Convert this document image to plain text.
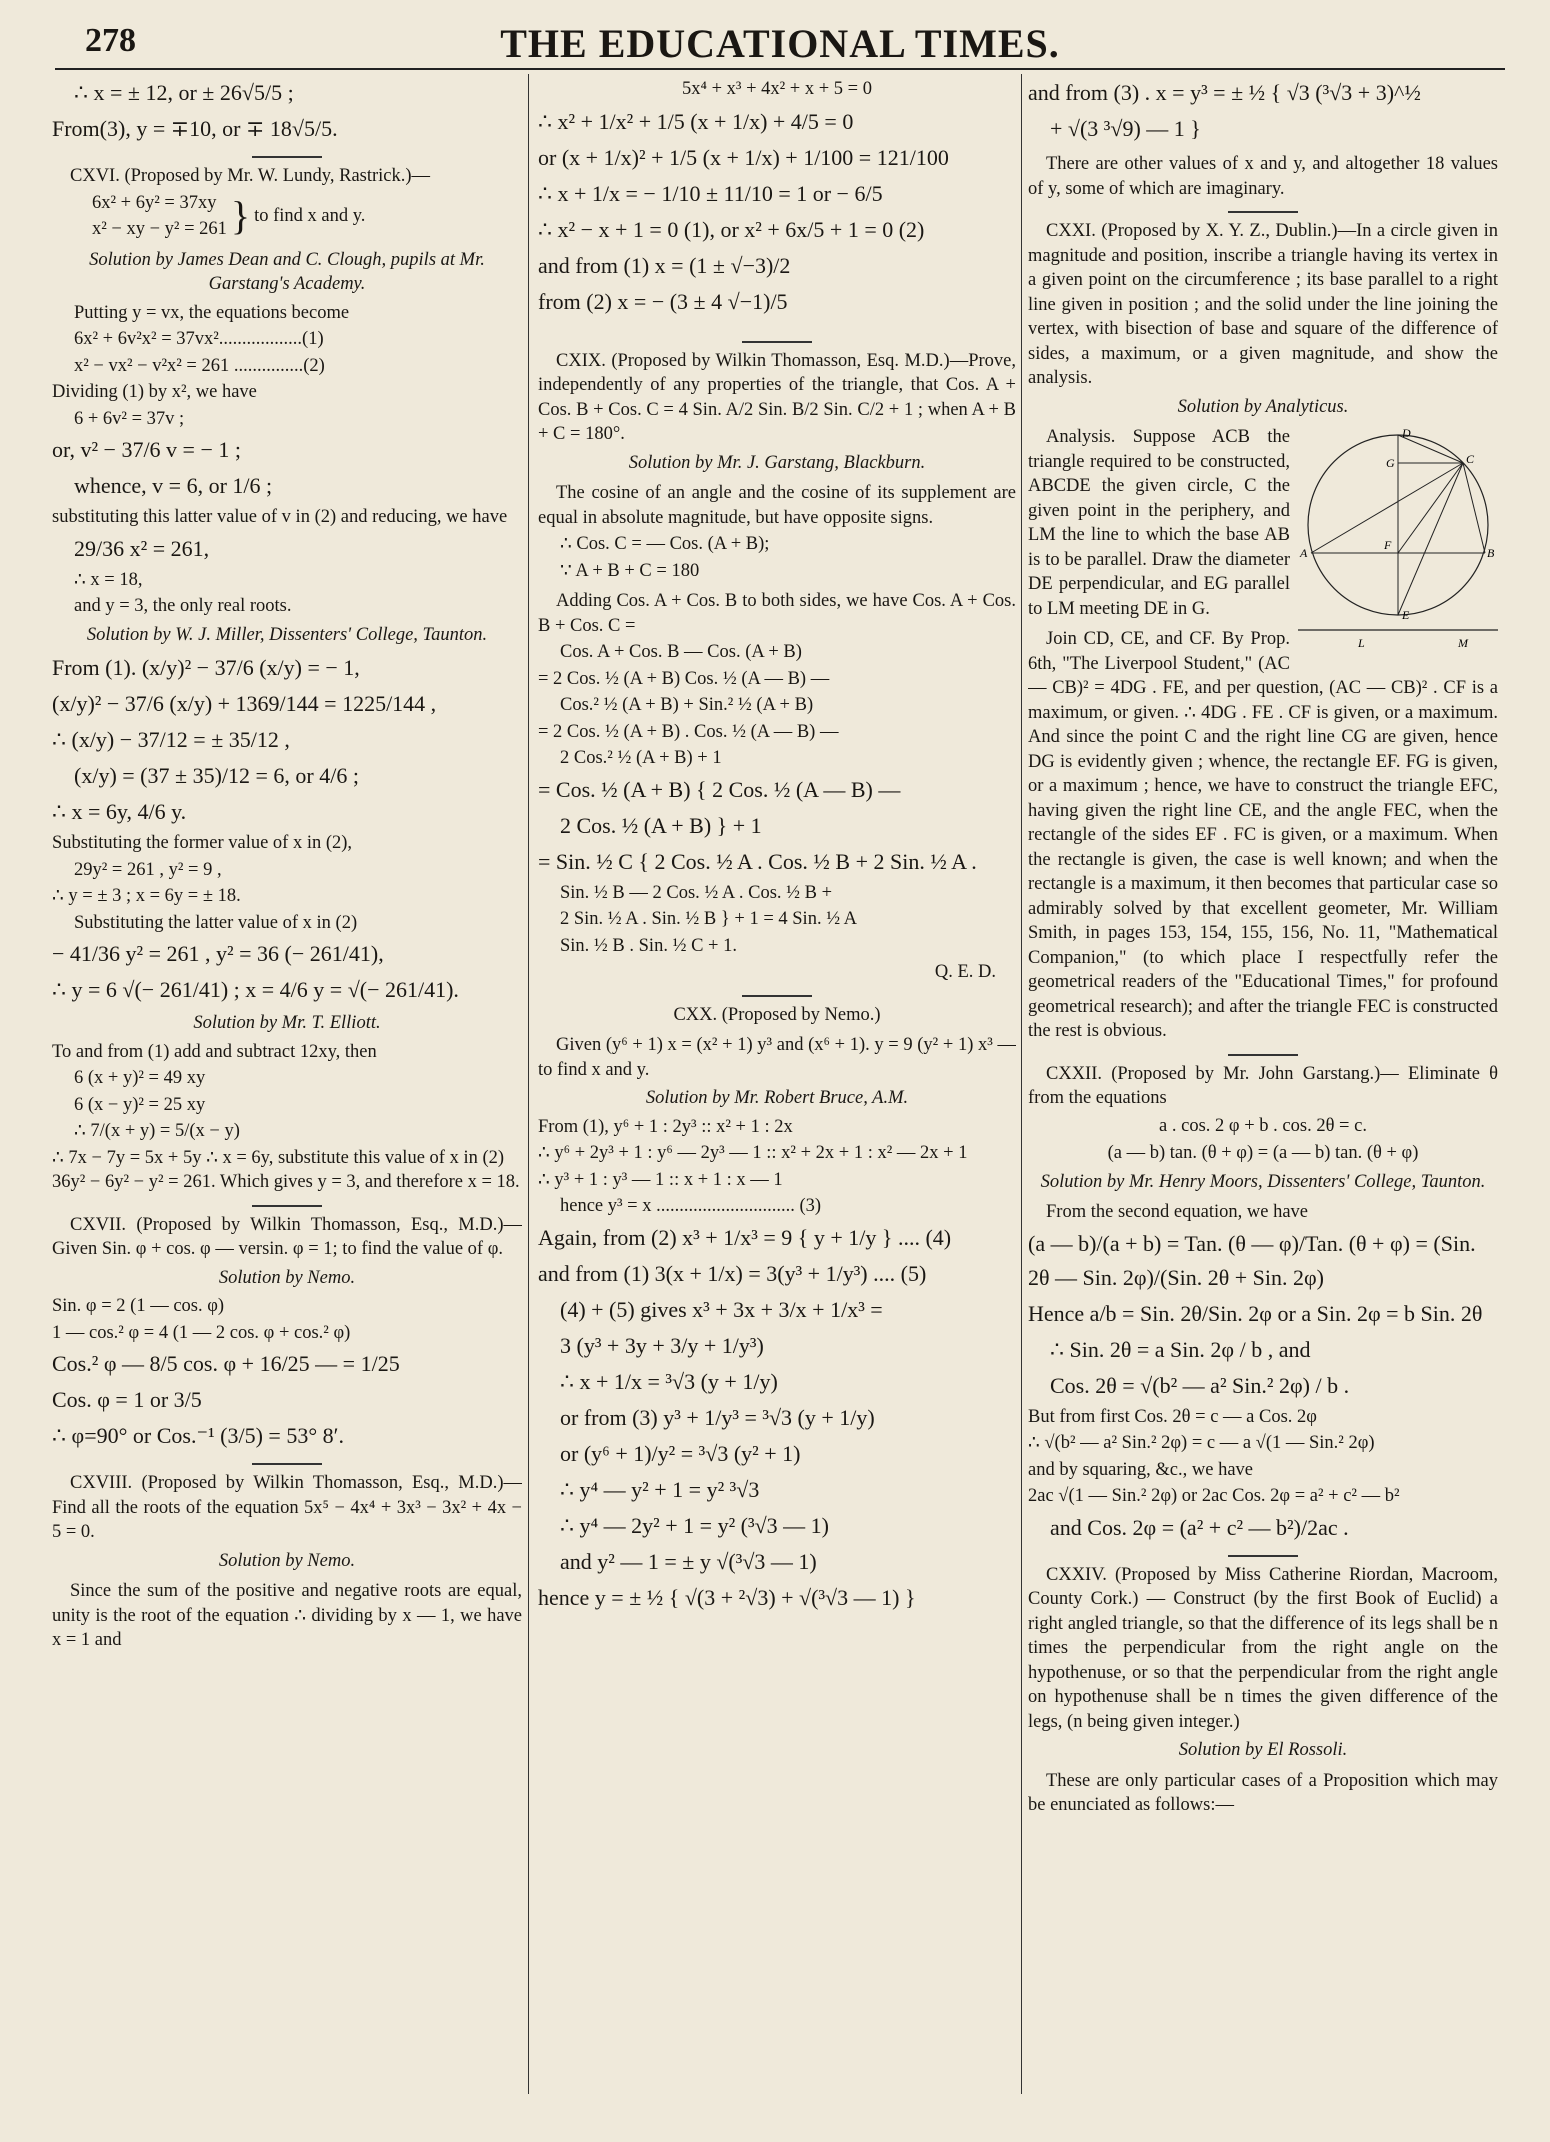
278	THE EDUCATIONAL TIMES.

∴ x = ± 12, or ± 26√5/5 ;

From(3), y = ∓10, or ∓ 18√5/5.

CXVI. (Proposed by Mr. W. Lundy, Rastrick.)—

6x² + 6y² = 37xy

x² − xy − y² = 261 } to find x and y.

Solution by James Dean and C. Clough, pupils at Mr. Garstang's Academy.

Putting y = vx, the equations become

6x² + 6v²x² = 37vx²..................(1)

x² − vx² − v²x² = 261 ...............(2)

Dividing (1) by x², we have

6 + 6v² = 37v ;

or, v² − 37/6 v = − 1 ;

whence, v = 6, or 1/6 ;

substituting this latter value of v in (2) and reducing, we have

29/36 x² = 261,

∴ x = 18,

and y = 3, the only real roots.

Solution by W. J. Miller, Dissenters' College, Taunton.

From (1). (x/y)² − 37/6 (x/y) = − 1,

(x/y)² − 37/6 (x/y) + 1369/144 = 1225/144 ,

∴ (x/y) − 37/12 = ± 35/12 ,

(x/y) = (37 ± 35)/12 = 6, or 4/6 ;

∴ x = 6y, 4/6 y.

Substituting the former value of x in (2),

29y² = 261 , y² = 9 ,

∴ y = ± 3 ; x = 6y = ± 18.

Substituting the latter value of x in (2)

− 41/36 y² = 261 , y² = 36 (− 261/41),

∴ y = 6 √(− 261/41) ; x = 4/6 y = √(− 261/41).

Solution by Mr. T. Elliott.

To and from (1) add and subtract 12xy, then

6 (x + y)² = 49 xy

6 (x − y)² = 25 xy

∴ 7/(x + y) = 5/(x − y)

∴ 7x − 7y = 5x + 5y ∴ x = 6y, substitute this value of x in (2)

36y² − 6y² − y² = 261. Which gives y = 3, and therefore x = 18.

CXVII. (Proposed by Wilkin Thomasson, Esq., M.D.)—Given Sin. φ + cos. φ — versin. φ = 1; to find the value of φ.

Solution by Nemo.

Sin. φ = 2 (1 — cos. φ)

1 — cos.² φ = 4 (1 — 2 cos. φ + cos.² φ)

Cos.² φ — 8/5 cos. φ + 16/25 — = 1/25

Cos. φ = 1 or 3/5

∴ φ=90° or Cos.⁻¹ (3/5) = 53° 8′.

CXVIII. (Proposed by Wilkin Thomasson, Esq., M.D.)—Find all the roots of the equation 5x⁵ − 4x⁴ + 3x³ − 3x² + 4x − 5 = 0.

Solution by Nemo.

Since the sum of the positive and negative roots are equal, unity is the root of the equation ∴ dividing by x — 1, we have x = 1 and

5x⁴ + x³ + 4x² + x + 5 = 0

∴ x² + 1/x² + 1/5 (x + 1/x) + 4/5 = 0

or (x + 1/x)² + 1/5 (x + 1/x) + 1/100 = 121/100

∴ x + 1/x = − 1/10 ± 11/10 = 1 or − 6/5

∴ x² − x + 1 = 0 (1), or x² + 6x/5 + 1 = 0 (2)

and from (1) x = (1 ± √−3)/2

from (2) x = − (3 ± 4 √−1)/5

CXIX. (Proposed by Wilkin Thomasson, Esq. M.D.)—Prove, independently of any properties of the triangle, that Cos. A + Cos. B + Cos. C = 4 Sin. A/2 Sin. B/2 Sin. C/2 + 1 ; when A + B + C = 180°.

Solution by Mr. J. Garstang, Blackburn.

The cosine of an angle and the cosine of its supplement are equal in absolute magnitude, but have opposite signs.

∴ Cos. C = — Cos. (A + B);

∵ A + B + C = 180

Adding Cos. A + Cos. B to both sides, we have Cos. A + Cos. B + Cos. C =

Cos. A + Cos. B — Cos. (A + B)

= 2 Cos. ½ (A + B) Cos. ½ (A — B) —

Cos.² ½ (A + B) + Sin.² ½ (A + B)

= 2 Cos. ½ (A + B) . Cos. ½ (A — B) —

2 Cos.² ½ (A + B) + 1

= Cos. ½ (A + B) { 2 Cos. ½ (A — B) —

2 Cos. ½ (A + B) } + 1

= Sin. ½ C { 2 Cos. ½ A . Cos. ½ B + 2 Sin. ½ A .

Sin. ½ B — 2 Cos. ½ A . Cos. ½ B +

2 Sin. ½ A . Sin. ½ B } + 1 = 4 Sin. ½ A

Sin. ½ B . Sin. ½ C + 1.

Q. E. D.

CXX. (Proposed by Nemo.)

Given (y⁶ + 1) x = (x² + 1) y³ and (x⁶ + 1). y = 9 (y² + 1) x³ — to find x and y.

Solution by Mr. Robert Bruce, A.M.

From (1), y⁶ + 1 : 2y³ :: x² + 1 : 2x

∴ y⁶ + 2y³ + 1 : y⁶ — 2y³ — 1 :: x² + 2x + 1 : x² — 2x + 1

∴ y³ + 1 : y³ — 1 :: x + 1 : x — 1

hence y³ = x .............................. (3)

Again, from (2) x³ + 1/x³ = 9 { y + 1/y } .... (4)

and from (1) 3(x + 1/x) = 3(y³ + 1/y³) .... (5)

(4) + (5) gives x³ + 3x + 3/x + 1/x³ =

3 (y³ + 3y + 3/y + 1/y³)

∴ x + 1/x = ³√3 (y + 1/y)

or from (3) y³ + 1/y³ = ³√3 (y + 1/y)

or (y⁶ + 1)/y² = ³√3 (y² + 1)

∴ y⁴ — y² + 1 = y² ³√3

∴ y⁴ — 2y² + 1 = y² (³√3 — 1)

and y² — 1 = ± y √(³√3 — 1)

hence y = ± ½ { √(3 + ²√3) + √(³√3 — 1) }

and from (3) . x = y³ = ± ½ { √3 (³√3 + 3)^½

+ √(3 ³√9) — 1 }

There are other values of x and y, and altogether 18 values of y, some of which are imaginary.

CXXI. (Proposed by X. Y. Z., Dublin.)—In a circle given in magnitude and position, inscribe a triangle having its vertex in a given point on the circumference ; its base parallel to a right line given in position ; and the solid under the line joining the vertex, with bisection of base and square of the difference of sides, a maximum, or a given magnitude, and show the analysis.

Solution by Analyticus.

D
G	C
A
F
B
E
L	M

Analysis. Suppose ACB the triangle required to be constructed, ABCDE the given circle, C the given point in the periphery, and LM the line to which the base AB is to be parallel. Draw the diameter DE perpendicular, and EG parallel to LM meeting DE in G.

Join CD, CE, and CF. By Prop. 6th, "The Liverpool Student," (AC — CB)² = 4DG . FE, and per question, (AC — CB)² . CF is a maximum, or given. ∴ 4DG . FE . CF is given, or a maximum. And since the point C and the right line CG are given, hence DG is evidently given ; whence, the rectangle EF. FG is given, or a maximum ; hence, we have to construct the triangle EFC, having given the right line CE, and the angle FEC, when the rectangle of the sides EF . FC is given, or a maximum. When the rectangle is given, the case is well known; and when the rectangle is a maximum, it then becomes that particular case so admirably solved by that excellent geometer, Mr. William Smith, in pages 153, 154, 155, 156, No. 11, "Mathematical Companion," (to which place I respectfully refer the geometrical readers of the "Educational Times," for profound geometrical research); and after the triangle FEC is constructed the rest is obvious.

CXXII. (Proposed by Mr. John Garstang.)— Eliminate θ from the equations

a . cos. 2 φ + b . cos. 2θ = c.

(a — b) tan. (θ + φ) = (a — b) tan. (θ + φ)

Solution by Mr. Henry Moors, Dissenters' College, Taunton.

From the second equation, we have

(a — b)/(a + b) = Tan. (θ — φ)/Tan. (θ + φ) = (Sin. 2θ — Sin. 2φ)/(Sin. 2θ + Sin. 2φ)

Hence a/b = Sin. 2θ/Sin. 2φ or a Sin. 2φ = b Sin. 2θ

∴ Sin. 2θ = a Sin. 2φ / b , and

Cos. 2θ = √(b² — a² Sin.² 2φ) / b .

But from first Cos. 2θ = c — a Cos. 2φ

∴ √(b² — a² Sin.² 2φ) = c — a √(1 — Sin.² 2φ)

and by squaring, &c., we have

2ac √(1 — Sin.² 2φ) or 2ac Cos. 2φ = a² + c² — b²

and Cos. 2φ = (a² + c² — b²)/2ac .

CXXIV. (Proposed by Miss Catherine Riordan, Macroom, County Cork.) — Construct (by the first Book of Euclid) a right angled triangle, so that the difference of its legs shall be n times the perpendicular from the right angle on the hypothenuse, or so that the perpendicular from the right angle on hypothenuse shall be n times the given difference of the legs, (n being given integer.)

Solution by El Rossoli.

These are only particular cases of a Proposition which may be enunciated as follows:—
